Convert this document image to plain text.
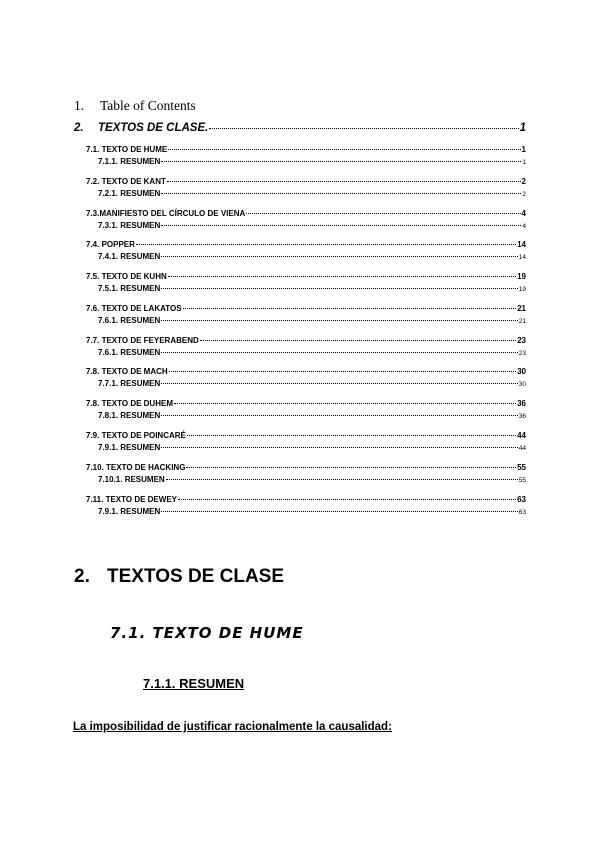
1.	Table of Contents
2. TEXTOS DE CLASE.	1
7.1. TEXTO DE HUME	1
7.1.1. RESUMEN	1
7.2. TEXTO DE KANT	2
7.2.1. RESUMEN	2
7.3.MANIFIESTO DEL CÍRCULO DE VIENA	4
7.3.1. RESUMEN	4
7.4. POPPER	14
7.4.1. RESUMEN	14
7.5. TEXTO DE KUHN	19
7.5.1. RESUMEN	19
7.6. TEXTO DE LAKATOS	21
7.6.1. RESUMEN	21
7.7. TEXTO DE FEYERABEND	23
7.6.1. RESUMEN	23
7.8. TEXTO DE MACH	30
7.7.1. RESUMEN	30
7.8. TEXTO DE DUHEM	36
7.8.1. RESUMEN	36
7.9. TEXTO DE POINCARÉ	44
7.9.1. RESUMEN	44
7.10. TEXTO DE HACKING	55
7.10.1. RESUMEN	55
7.11. TEXTO DE DEWEY	63
7.9.1. RESUMEN	63
2. TEXTOS DE CLASE
7.1. TEXTO DE HUME
7.1.1. RESUMEN
La imposibilidad de justificar racionalmente la causalidad:
